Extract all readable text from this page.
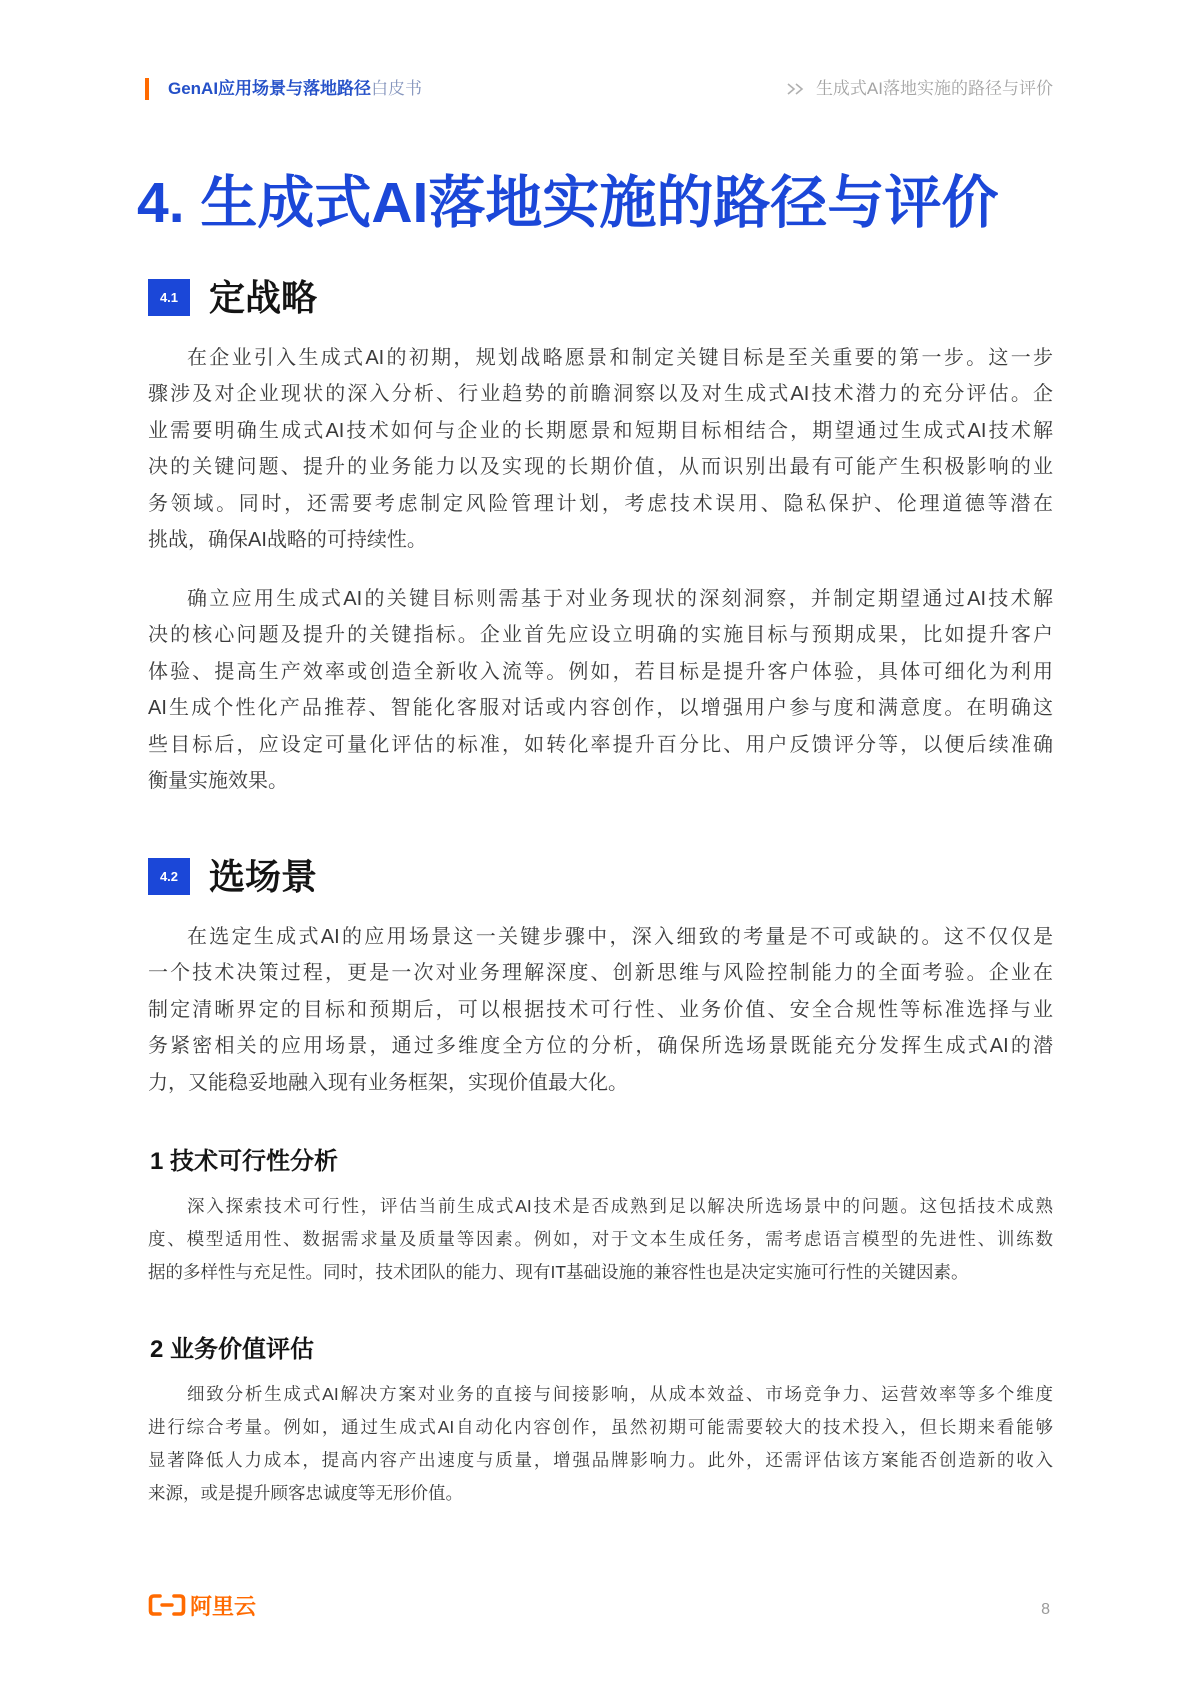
GenAI应用场景与落地路径白皮书	生成式AI落地实施的路径与评价
4. 生成式AI落地实施的路径与评价
4.1 定战略
在企业引入生成式AI的初期，规划战略愿景和制定关键目标是至关重要的第一步。这一步
骤涉及对企业现状的深入分析、行业趋势的前瞻洞察以及对生成式AI技术潜力的充分评估。企
业需要明确生成式AI技术如何与企业的长期愿景和短期目标相结合，期望通过生成式AI技术解
决的关键问题、提升的业务能力以及实现的长期价值，从而识别出最有可能产生积极影响的业
务领域。同时，还需要考虑制定风险管理计划，考虑技术误用、隐私保护、伦理道德等潜在
挑战，确保AI战略的可持续性。
确立应用生成式AI的关键目标则需基于对业务现状的深刻洞察，并制定期望通过AI技术解
决的核心问题及提升的关键指标。企业首先应设立明确的实施目标与预期成果，比如提升客户
体验、提高生产效率或创造全新收入流等。例如，若目标是提升客户体验，具体可细化为利用
AI生成个性化产品推荐、智能化客服对话或内容创作，以增强用户参与度和满意度。在明确这
些目标后，应设定可量化评估的标准，如转化率提升百分比、用户反馈评分等，以便后续准确
衡量实施效果。
4.2 选场景
在选定生成式AI的应用场景这一关键步骤中，深入细致的考量是不可或缺的。这不仅仅是
一个技术决策过程，更是一次对业务理解深度、创新思维与风险控制能力的全面考验。企业在
制定清晰界定的目标和预期后，可以根据技术可行性、业务价值、安全合规性等标准选择与业
务紧密相关的应用场景，通过多维度全方位的分析，确保所选场景既能充分发挥生成式AI的潜
力，又能稳妥地融入现有业务框架，实现价值最大化。
1 技术可行性分析
深入探索技术可行性，评估当前生成式AI技术是否成熟到足以解决所选场景中的问题。这包括技术成熟
度、模型适用性、数据需求量及质量等因素。例如，对于文本生成任务，需考虑语言模型的先进性、训练数
据的多样性与充足性。同时，技术团队的能力、现有IT基础设施的兼容性也是决定实施可行性的关键因素。
2 业务价值评估
细致分析生成式AI解决方案对业务的直接与间接影响，从成本效益、市场竞争力、运营效率等多个维度
进行综合考量。例如，通过生成式AI自动化内容创作，虽然初期可能需要较大的技术投入，但长期来看能够
显著降低人力成本，提高内容产出速度与质量，增强品牌影响力。此外，还需评估该方案能否创造新的收入
来源，或是提升顾客忠诚度等无形价值。
阿里云	8
